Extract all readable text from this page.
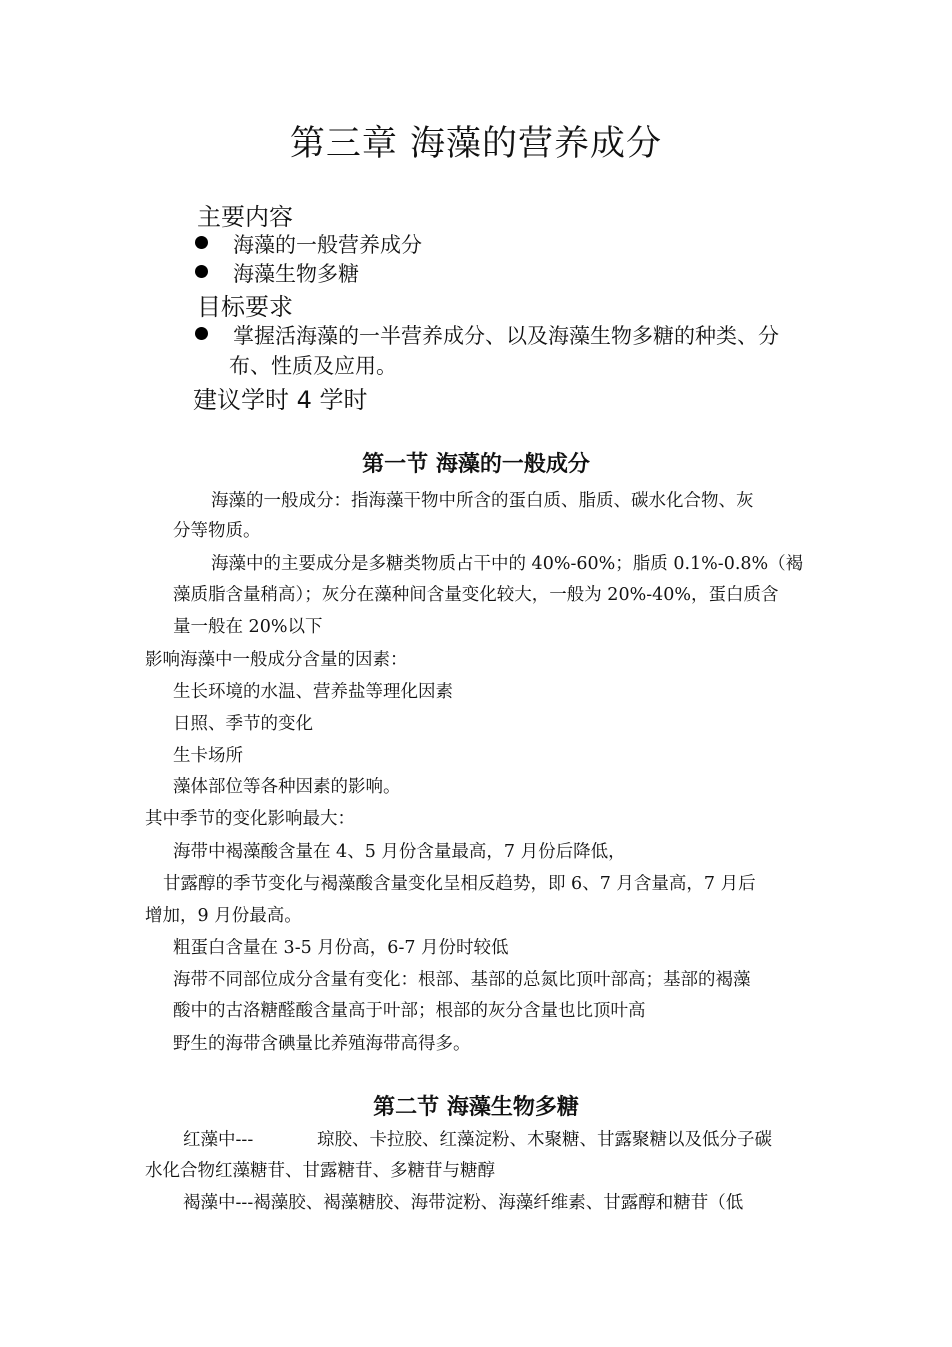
第三章 海藻的营养成分
主要内容
海藻的一般营养成分
海藻生物多糖
目标要求
掌握活海藻的一半营养成分、以及海藻生物多糖的种类、分
布、性质及应用。
建议学时 4 学时
第一节 海藻的一般成分
海藻的一般成分：指海藻干物中所含的蛋白质、脂质、碳水化合物、灰
分等物质。
海藻中的主要成分是多糖类物质占干中的 40%-60%；脂质 0.1%-0.8%（褐
藻质脂含量稍高）；灰分在藻种间含量变化较大，一般为 20%-40%，蛋白质含
量一般在 20%以下
影响海藻中一般成分含量的因素：
生长环境的水温、营养盐等理化因素
日照、季节的变化
生卡场所
藻体部位等各种因素的影响。
其中季节的变化影响最大：
海带中褐藻酸含量在 4、5 月份含量最高，7 月份后降低，
甘露醇的季节变化与褐藻酸含量变化呈相反趋势，即 6、7 月含量高，7 月后
增加，9 月份最高。
粗蛋白含量在 3-5 月份高，6-7 月份时较低
海带不同部位成分含量有变化：根部、基部的总氮比顶叶部高；基部的褐藻
酸中的古洛糖醛酸含量高于叶部；根部的灰分含量也比顶叶高
野生的海带含碘量比养殖海带高得多。
第二节 海藻生物多糖
红藻中---	琼胶、卡拉胶、红藻淀粉、木聚糖、甘露聚糖以及低分子碳
水化合物红藻糖苷、甘露糖苷、多糖苷与糖醇
褐藻中---褐藻胶、褐藻糖胶、海带淀粉、海藻纤维素、甘露醇和糖苷（低
